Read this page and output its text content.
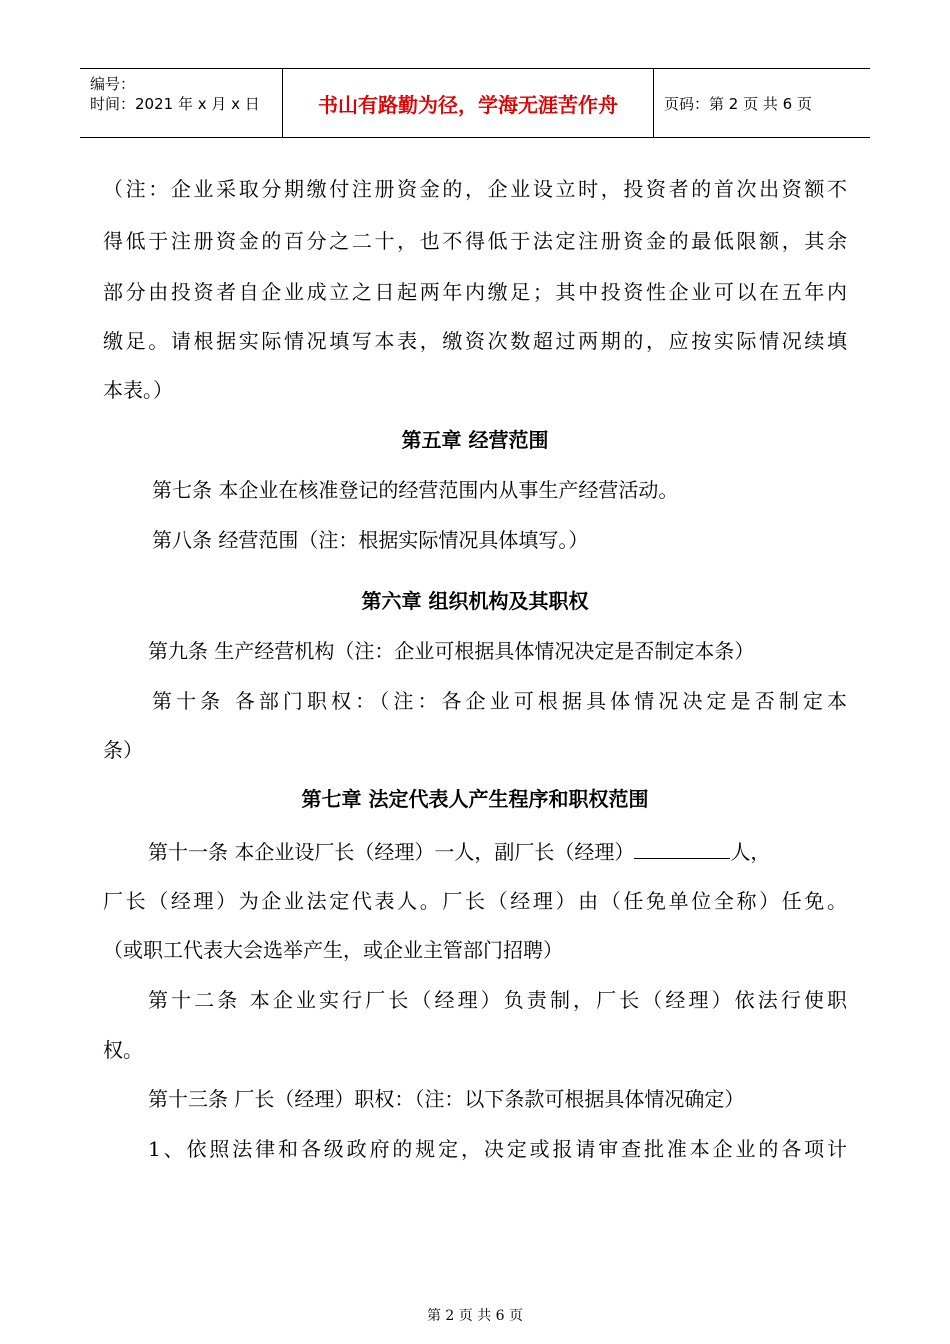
编号：
时间：2021 年 x 月 x 日	书山有路勤为径，学海无涯苦作舟	页码：第 2 页 共 6 页
（注：企业采取分期缴付注册资金的，企业设立时，投资者的首次出资额不
得低于注册资金的百分之二十，也不得低于法定注册资金的最低限额，其余
部分由投资者自企业成立之日起两年内缴足；其中投资性企业可以在五年内
缴足。请根据实际情况填写本表，缴资次数超过两期的，应按实际情况续填
本表。）
第五章 经营范围
第七条 本企业在核准登记的经营范围内从事生产经营活动。
第八条 经营范围（注：根据实际情况具体填写。）
第六章 组织机构及其职权
第九条 生产经营机构（注：企业可根据具体情况决定是否制定本条）
第十条 各部门职权：（注：各企业可根据具体情况决定是否制定本
条）
第七章 法定代表人产生程序和职权范围
第十一条 本企业设厂长（经理）一人，副厂长（经理）	人，
厂长（经理）为企业法定代表人。厂长（经理）由（任免单位全称）任免。
（或职工代表大会选举产生，或企业主管部门招聘）
第十二条 本企业实行厂长（经理）负责制，厂长（经理）依法行使职
权。
第十三条 厂长（经理）职权：（注：以下条款可根据具体情况确定）
1、依照法律和各级政府的规定，决定或报请审查批准本企业的各项计
第 2 页 共 6 页
